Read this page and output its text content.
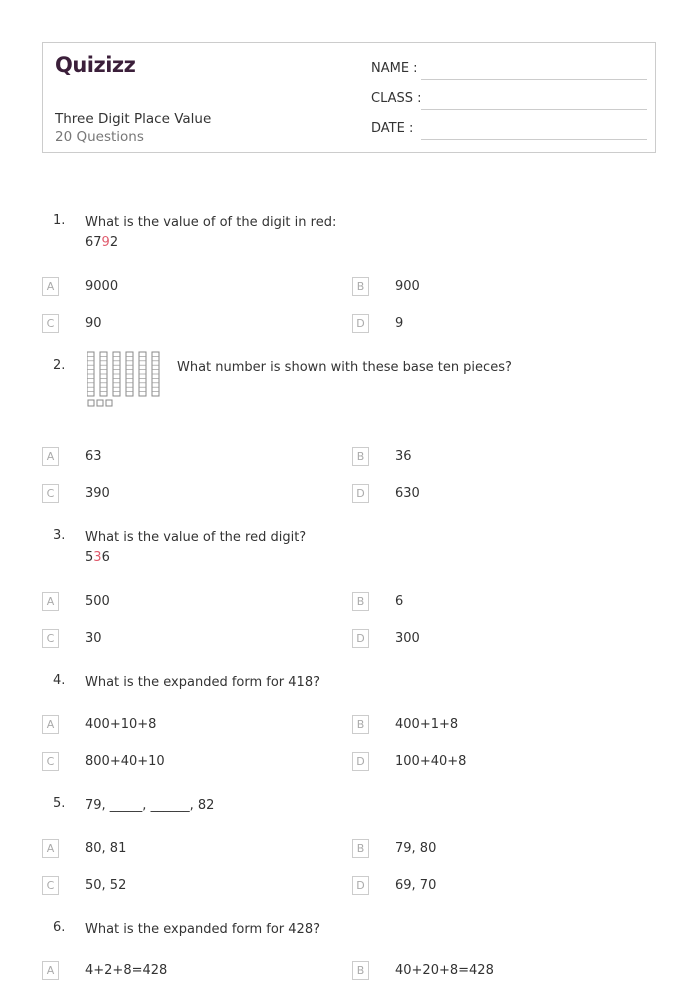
Quizizz
Three Digit Place Value
20 Questions
NAME :
CLASS :
DATE :
1. What is the value of of the digit in red:
6792
A	9000	B	900
C	90	D	9
2.	What number is shown with these base ten pieces?
A	63	B	36
C	390	D	630
3. What is the value of the red digit?
536
A	500	B	6
C	30	D	300
4. What is the expanded form for 418?
A	400+10+8	B	400+1+8
C	800+40+10	D	100+40+8
5. 79, _____, ______, 82
A	80, 81	B	79, 80
C	50, 52	D	69, 70
6. What is the expanded form for 428?
A	4+2+8=428	B	40+20+8=428
